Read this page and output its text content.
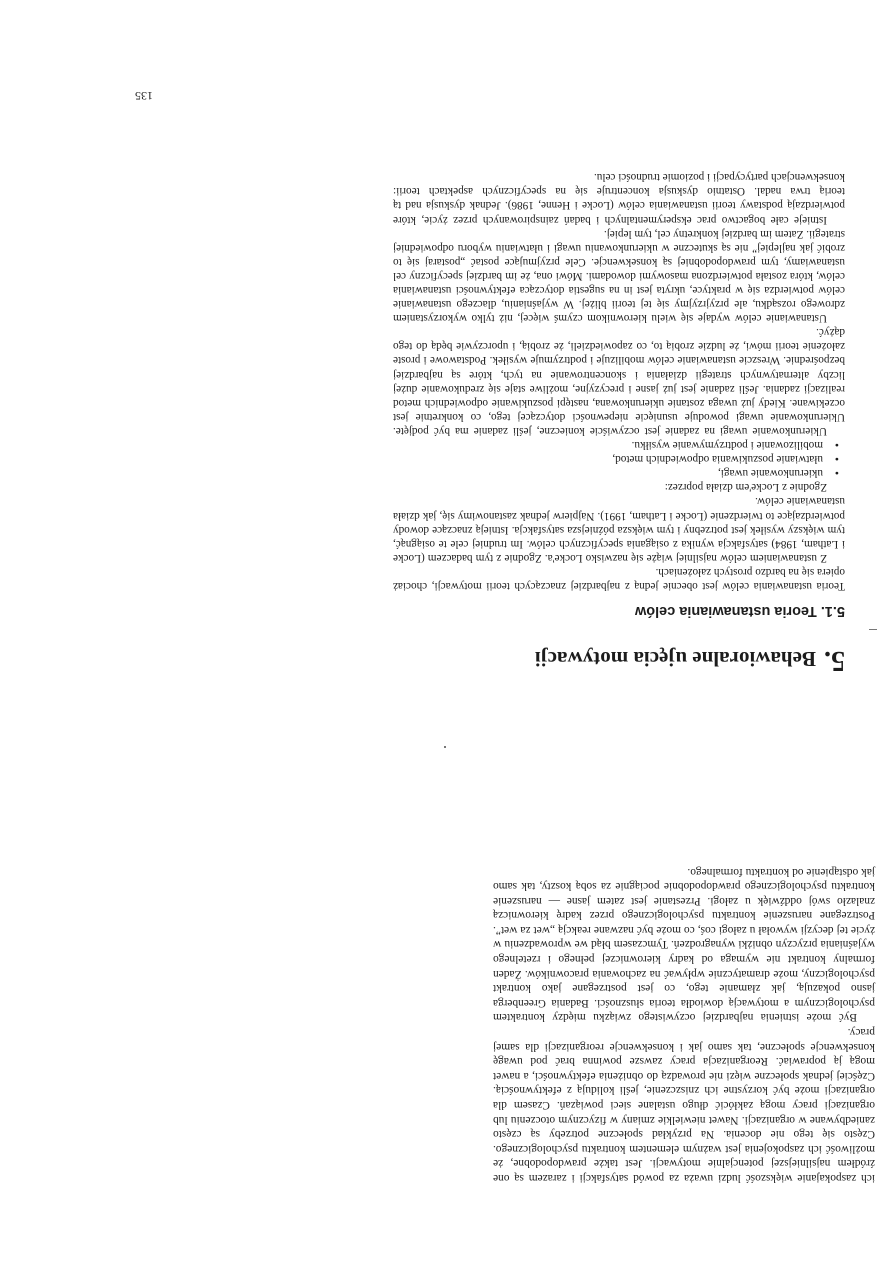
5.Behawioralne ujęcia motywacji
5.1. Teoria ustanawiania celów

Teoria ustanawiania celów jest obecnie jedną z najbardziej znaczących teorii motywacji, chociaż opiera się na bardzo prostych założeniach.

Z ustanawianiem celów najsilniej wiąże się nazwisko Locke'a. Zgodnie z tym badaczem (Locke i Latham, 1984) satysfakcja wynika z osiągania specyficznych celów. Im trudniej cele te osiągnąć, tym większy wysiłek jest potrzebny i tym większa późniejsza satysfakcja. Istnieją znaczące dowody potwierdzające to twierdzenie (Locke i Latham, 1991). Najpierw jednak zastanowimy się, jak działa ustanawianie celów.

Zgodnie z Locke'em działa poprzez:

• ukierunkowanie uwagi,
• ułatwianie poszukiwania odpowiednich metod,
• mobilizowanie i podtrzymywanie wysiłku.

Ukierunkowanie uwagi na zadanie jest oczywiście konieczne, jeśli zadanie ma być podjęte. Ukierunkowanie uwagi powoduje usunięcie niepewności dotyczącej tego, co konkretnie jest oczekiwane. Kiedy już uwaga zostanie ukierunkowana, następi poszukiwanie odpowiednich metod realizacji zadania. Jeśli zadanie jest już jasne i precyzyjne, możliwe staje się zredukowanie dużej liczby alternatywnych strategii działania i skoncentrowanie na tych, które są najbardziej bezpośrednie. Wreszcie ustanawianie celów mobilizuje i podtrzymuje wysiłek. Podstawowe i proste założenie teorii mówi, że ludzie zrobią to, co zapowiedzieli, że zrobią, i uporczywie będą do tego dążyć.

Ustanawianie celów wydaje się wielu kierownikom czymś więcej, niż tylko wykorzystaniem zdrowego rozsądku, ale przyjrzyjmy się tej teorii bliżej. W wyjaśnianiu, dlaczego ustanawianie celów potwierdza się w praktyce, ukryta jest in na sugestia dotycząca efektywności ustanawiania celów, która została potwierdzona masowymi dowodami. Mówi ona, że im bardziej specyficzny cel ustanawiamy, tym prawdopodobniej są konsekwencje. Cele przyjmujące postać „postaraj się to zrobić jak najlepiej” nie są skuteczne w ukierunkowaniu uwagi i ułatwianiu wyboru odpowiedniej strategii. Zatem im bardziej konkretny cel, tym lepiej.

Istnieje całe bogactwo prac eksperymentalnych i badań zainspirowanych przez życie, które potwierdzają podstawy teorii ustanawiania celów (Locke i Henne, 1986). Jednak dyskusja nad tą teorią trwa nadal. Ostatnio dyskusja koncentruje się na specyficznych aspektach teorii: konsekwencjach partycypacji i poziomie trudności celu.

135

ich zaspokajanie większość ludzi uważa za powód satysfakcji i zarazem są one źródłem najsilniejszej potencjalnie motywacji. Jest także prawdopodobne, że możliwość ich zaspokojenia jest ważnym elementem kontraktu psychologicznego. Często się tego nie docenia. Na przykład społeczne potrzeby są często zaniedbywane w organizacji. Nawet niewielkie zmiany w fizycznym otoczeniu lub organizacji pracy mogą zakłócić długo ustalane sieci powiązań. Czasem dla organizacji może być korzystne ich zniszczenie, jeśli kolidują z efektywnością. Częściej jednak społeczne więzi nie prowadzą do obniżenia efektywności, a nawet mogą ją poprawiać. Reorganizacja pracy zawsze powinna brać pod uwagę konsekwencje społeczne, tak samo jak i konsekwencje reorganizacji dla samej pracy.

Być może istnienia najbardziej oczywistego związku między kontraktem psychologicznym a motywacją dowiodła teoria słuszności. Badania Greenberga jasno pokazują, jak złamanie tego, co jest postrzegane jako kontrakt psychologiczny, może dramatycznie wpływać na zachowania pracowników. Żaden formalny kontrakt nie wymaga od kadry kierowniczej pełnego i rzetelnego wyjaśniania przyczyn obniżki wynagrodzeń. Tymczasem błąd we wprowadzeniu w życie tej decyzji wywołał u załogi coś, co może być nazwane reakcją „wet za wet”. Postrzegane naruszenie kontraktu psychologicznego przez kadrę kierowniczą znalazło swój oddźwięk u załogi. Przestanie jest zatem jasne — naruszenie kontraktu psychologicznego prawdopodobnie pociągnie za sobą koszty, tak samo jak odstąpienie od kontraktu formalnego.
